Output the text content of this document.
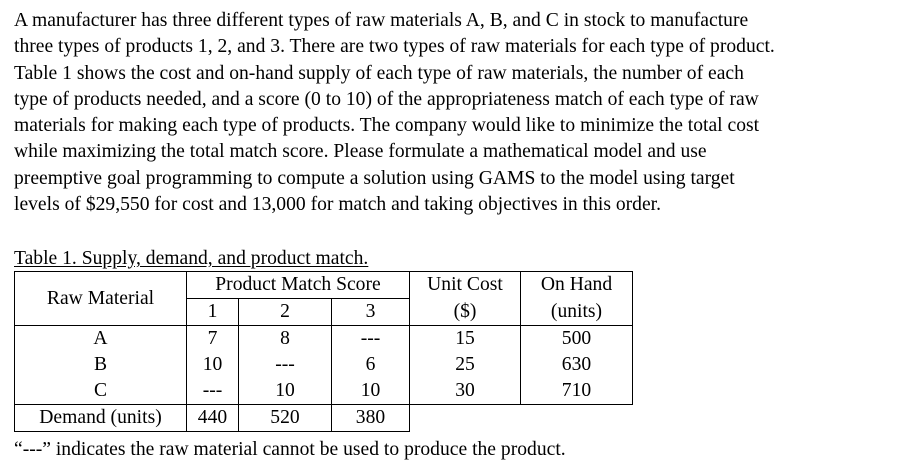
A manufacturer has three different types of raw materials A, B, and C in stock to manufacture
three types of products 1, 2, and 3. There are two types of raw materials for each type of product.
Table 1 shows the cost and on-hand supply of each type of raw materials, the number of each
type of products needed, and a score (0 to 10) of the appropriateness match of each type of raw
materials for making each type of products. The company would like to minimize the total cost
while maximizing the total match score. Please formulate a mathematical model and use
preemptive goal programming to compute a solution using GAMS to the model using target
levels of $29,550 for cost and 13,000 for match and taking objectives in this order.

Table 1. Supply, demand, and product match.
Raw Material	Product Match Score			Unit Cost	On Hand
	1	2	3	($)	(units)
A	7	8	---	15	500
B	10	---	6	25	630
C	---	10	10	30	710
Demand (units)	440	520	380		
“---” indicates the raw material cannot be used to produce the product.
